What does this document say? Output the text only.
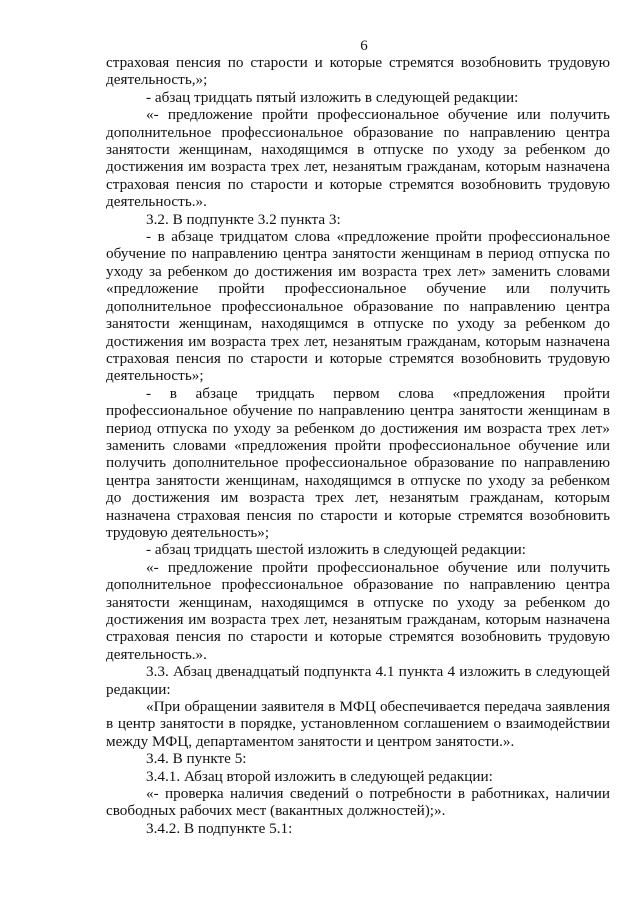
6

страховая пенсия по старости и которые стремятся возобновить трудовую деятельность,»;

- абзац тридцать пятый изложить в следующей редакции:

«- предложение пройти профессиональное обучение или получить дополнительное профессиональное образование по направлению центра занятости женщинам, находящимся в отпуске по уходу за ребенком до достижения им возраста трех лет, незанятым гражданам, которым назначена страховая пенсия по старости и которые стремятся возобновить трудовую деятельность.».

3.2. В подпункте 3.2 пункта 3:

- в абзаце тридцатом слова «предложение пройти профессиональное обучение по направлению центра занятости женщинам в период отпуска по уходу за ребенком до достижения им возраста трех лет» заменить словами «предложение пройти профессиональное обучение или получить дополнительное профессиональное образование по направлению центра занятости женщинам, находящимся в отпуске по уходу за ребенком до достижения им возраста трех лет, незанятым гражданам, которым назначена страховая пенсия по старости и которые стремятся возобновить трудовую деятельность»;

- в абзаце тридцать первом слова «предложения пройти профессиональное обучение по направлению центра занятости женщинам в период отпуска по уходу за ребенком до достижения им возраста трех лет» заменить словами «предложения пройти профессиональное обучение или получить дополнительное профессиональное образование по направлению центра занятости женщинам, находящимся в отпуске по уходу за ребенком до достижения им возраста трех лет, незанятым гражданам, которым назначена страховая пенсия по старости и которые стремятся возобновить трудовую деятельность»;

- абзац тридцать шестой изложить в следующей редакции:

«- предложение пройти профессиональное обучение или получить дополнительное профессиональное образование по направлению центра занятости женщинам, находящимся в отпуске по уходу за ребенком до достижения им возраста трех лет, незанятым гражданам, которым назначена страховая пенсия по старости и которые стремятся возобновить трудовую деятельность.».

3.3. Абзац двенадцатый подпункта 4.1 пункта 4 изложить в следующей редакции:

«При обращении заявителя в МФЦ обеспечивается передача заявления в центр занятости в порядке, установленном соглашением о взаимодействии между МФЦ, департаментом занятости и центром занятости.».

3.4. В пункте 5:

3.4.1. Абзац второй изложить в следующей редакции:

«- проверка наличия сведений о потребности в работниках, наличии свободных рабочих мест (вакантных должностей);».

3.4.2. В подпункте 5.1:
